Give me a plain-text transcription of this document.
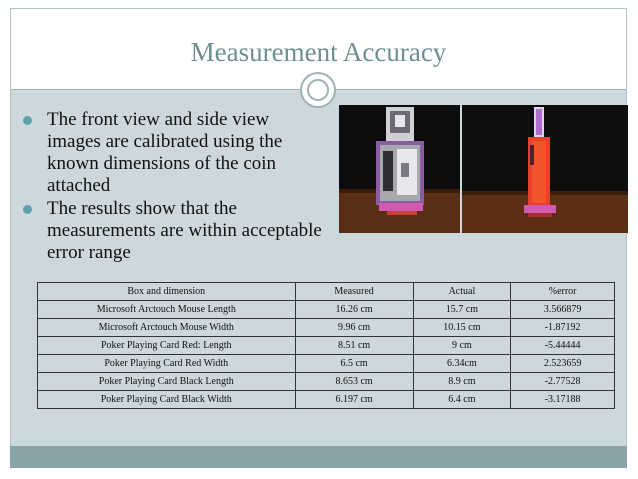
Measurement Accuracy
The front view and side view images are calibrated using the known dimensions of the coin attached
The results show that the measurements are within acceptable error range
Box and dimension	Measured	Actual	%error
Microsoft Arctouch Mouse Length	16.26 cm	15.7 cm	3.566879
Microsoft Arctouch Mouse Width	9.96 cm	10.15 cm	-1.87192
Poker Playing Card Red: Length	8.51 cm	9 cm	-5.44444
Poker Playing Card Red Width	6.5 cm	6.34cm	2.523659
Poker Playing Card Black Length	8.653 cm	8.9 cm	-2.77528
Poker Playing Card Black Width	6.197 cm	6.4 cm	-3.17188
